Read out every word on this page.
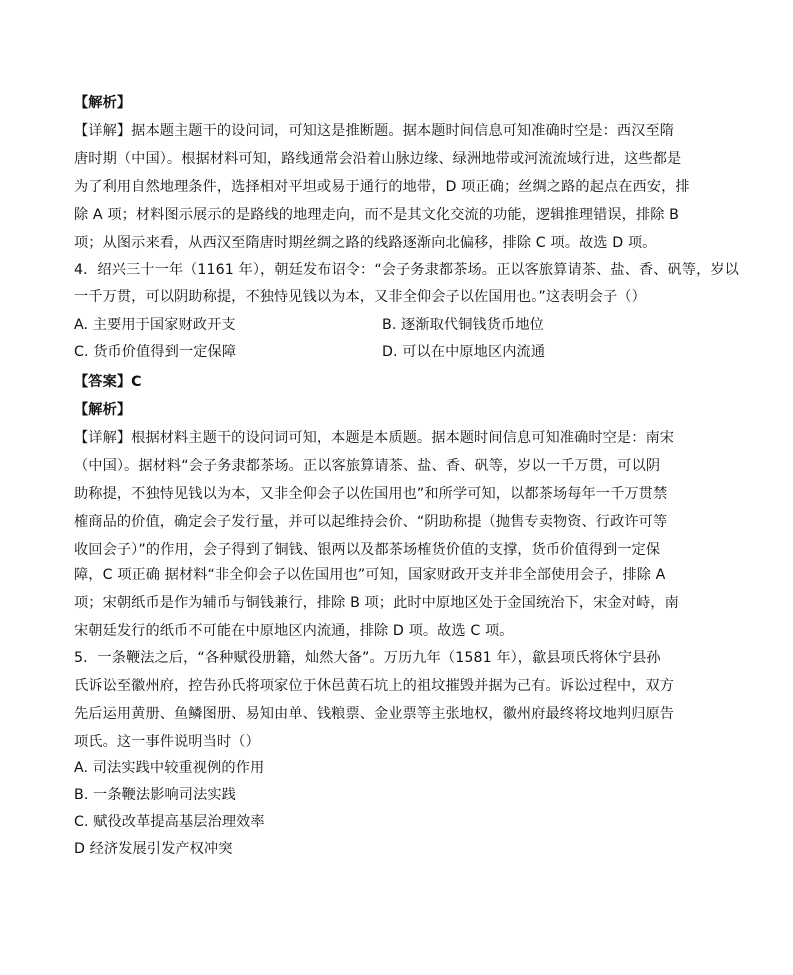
【解析】
【详解】据本题主题干的设问词，可知这是推断题。据本题时间信息可知准确时空是：西汉至隋
唐时期（中国）。根据材料可知，路线通常会沿着山脉边缘、绿洲地带或河流流域行进，这些都是
为了利用自然地理条件，选择相对平坦或易于通行的地带，D 项正确；丝绸之路的起点在西安，排
除 A 项；材料图示展示的是路线的地理走向，而不是其文化交流的功能，逻辑推理错误，排除 B
项；从图示来看，从西汉至隋唐时期丝绸之路的线路逐渐向北偏移，排除 C 项。故选 D 项。
4．绍兴三十一年（1161 年），朝廷发布诏令：“会子务隶都茶场。正以客旅算请茶、盐、香、矾等，岁以
一千万贯，可以阴助称提，不独恃见钱以为本，又非全仰会子以佐国用也。”这表明会子（）
A. 主要用于国家财政开支	B. 逐渐取代铜钱货币地位
C. 货币价值得到一定保障	D. 可以在中原地区内流通
【答案】C
【解析】
【详解】根据材料主题干的设问词可知，本题是本质题。据本题时间信息可知准确时空是：南宋
（中国）。据材料“会子务隶都茶场。正以客旅算请茶、盐、香、矾等，岁以一千万贯，可以阴
助称提，不独恃见钱以为本，又非全仰会子以佐国用也”和所学可知，以都茶场每年一千万贯禁
榷商品的价值，确定会子发行量，并可以起维持会价、“阴助称提（抛售专卖物资、行政许可等
收回会子）”的作用，会子得到了铜钱、银两以及都茶场榷货价值的支撑，货币价值得到一定保
障，C 项正确 据材料“非全仰会子以佐国用也”可知，国家财政开支并非全部使用会子，排除 A
项；宋朝纸币是作为辅币与铜钱兼行，排除 B 项；此时中原地区处于金国统治下，宋金对峙，南
宋朝廷发行的纸币不可能在中原地区内流通，排除 D 项。故选 C 项。
5．一条鞭法之后，“各种赋役册籍，灿然大备”。万历九年（1581 年），歙县项氏将休宁县孙
氏诉讼至徽州府，控告孙氏将项家位于休邑黄石坑上的祖坟摧毁并据为己有。诉讼过程中，双方
先后运用黄册、鱼鳞图册、易知由单、钱粮票、金业票等主张地权，徽州府最终将坟地判归原告
项氏。这一事件说明当时（）
A. 司法实践中较重视例的作用
B. 一条鞭法影响司法实践
C. 赋役改革提高基层治理效率
D 经济发展引发产权冲突
